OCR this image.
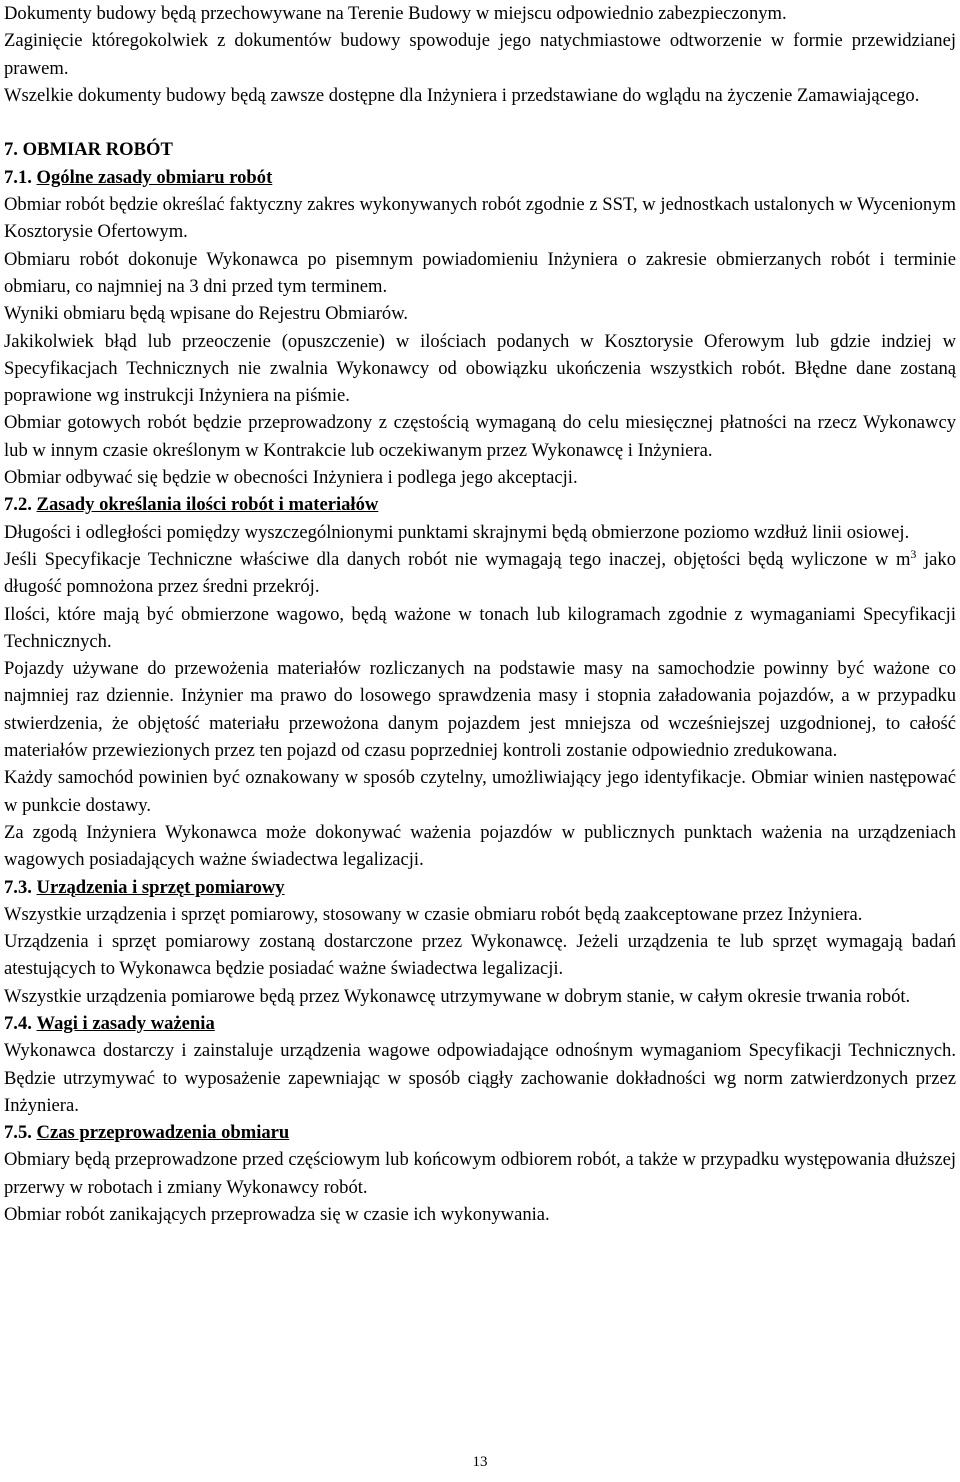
Dokumenty budowy będą przechowywane na Terenie Budowy w miejscu odpowiednio zabezpieczonym.

Zaginięcie któregokolwiek z dokumentów budowy spowoduje jego natychmiastowe odtworzenie w formie przewidzianej prawem.

Wszelkie dokumenty budowy będą zawsze dostępne dla Inżyniera i przedstawiane do wglądu na życzenie Zamawiającego.

7. OBMIAR ROBÓT

7.1. Ogólne zasady obmiaru robót

Obmiar robót będzie określać faktyczny zakres wykonywanych robót zgodnie z SST, w jednostkach ustalonych w Wycenionym Kosztorysie Ofertowym.

Obmiaru robót dokonuje Wykonawca po pisemnym powiadomieniu Inżyniera o zakresie obmierzanych robót i terminie obmiaru, co najmniej na 3 dni przed tym terminem.

Wyniki obmiaru będą wpisane do Rejestru Obmiarów.

Jakikolwiek błąd lub przeoczenie (opuszczenie) w ilościach podanych w Kosztorysie Oferowym lub gdzie indziej w Specyfikacjach Technicznych nie zwalnia Wykonawcy od obowiązku ukończenia wszystkich robót. Błędne dane zostaną poprawione wg instrukcji Inżyniera na piśmie.

Obmiar gotowych robót będzie przeprowadzony z częstością wymaganą do celu miesięcznej płatności na rzecz Wykonawcy lub w innym czasie określonym w Kontrakcie lub oczekiwanym przez Wykonawcę i Inżyniera.

Obmiar odbywać się będzie w obecności Inżyniera i podlega jego akceptacji.

7.2. Zasady określania ilości robót i materiałów

Długości i odległości pomiędzy wyszczególnionymi punktami skrajnymi będą obmierzone poziomo wzdłuż linii osiowej.

Jeśli Specyfikacje Techniczne właściwe dla danych robót nie wymagają tego inaczej, objętości będą wyliczone w $m^3$ jako długość pomnożona przez średni przekrój.

Ilości, które mają być obmierzone wagowo, będą ważone w tonach lub kilogramach zgodnie z wymaganiami Specyfikacji Technicznych.

Pojazdy używane do przewożenia materiałów rozliczanych na podstawie masy na samochodzie powinny być ważone co najmniej raz dziennie. Inżynier ma prawo do losowego sprawdzenia masy i stopnia załadowania pojazdów, a w przypadku stwierdzenia, że objętość materiału przewożona danym pojazdem jest mniejsza od wcześniejszej uzgodnionej, to całość materiałów przewiezionych przez ten pojazd od czasu poprzedniej kontroli zostanie odpowiednio zredukowana.

Każdy samochód powinien być oznakowany w sposób czytelny, umożliwiający jego identyfikacje. Obmiar winien następować w punkcie dostawy.

Za zgodą Inżyniera Wykonawca może dokonywać ważenia pojazdów w publicznych punktach ważenia na urządzeniach wagowych posiadających ważne świadectwa legalizacji.

7.3. Urządzenia i sprzęt pomiarowy

Wszystkie urządzenia i sprzęt pomiarowy, stosowany w czasie obmiaru robót będą zaakceptowane przez Inżyniera.

Urządzenia i sprzęt pomiarowy zostaną dostarczone przez Wykonawcę. Jeżeli urządzenia te lub sprzęt wymagają badań atestujących to Wykonawca będzie posiadać ważne świadectwa legalizacji.

Wszystkie urządzenia pomiarowe będą przez Wykonawcę utrzymywane w dobrym stanie, w całym okresie trwania robót.

7.4. Wagi i zasady ważenia

Wykonawca dostarczy i zainstaluje urządzenia wagowe odpowiadające odnośnym wymaganiom Specyfikacji Technicznych. Będzie utrzymywać to wyposażenie zapewniając w sposób ciągły zachowanie dokładności wg norm zatwierdzonych przez Inżyniera.

7.5. Czas przeprowadzenia obmiaru

Obmiary będą przeprowadzone przed częściowym lub końcowym odbiorem robót, a także w przypadku występowania dłuższej przerwy w robotach i zmiany Wykonawcy robót.

Obmiar robót zanikających przeprowadza się w czasie ich wykonywania.

13
